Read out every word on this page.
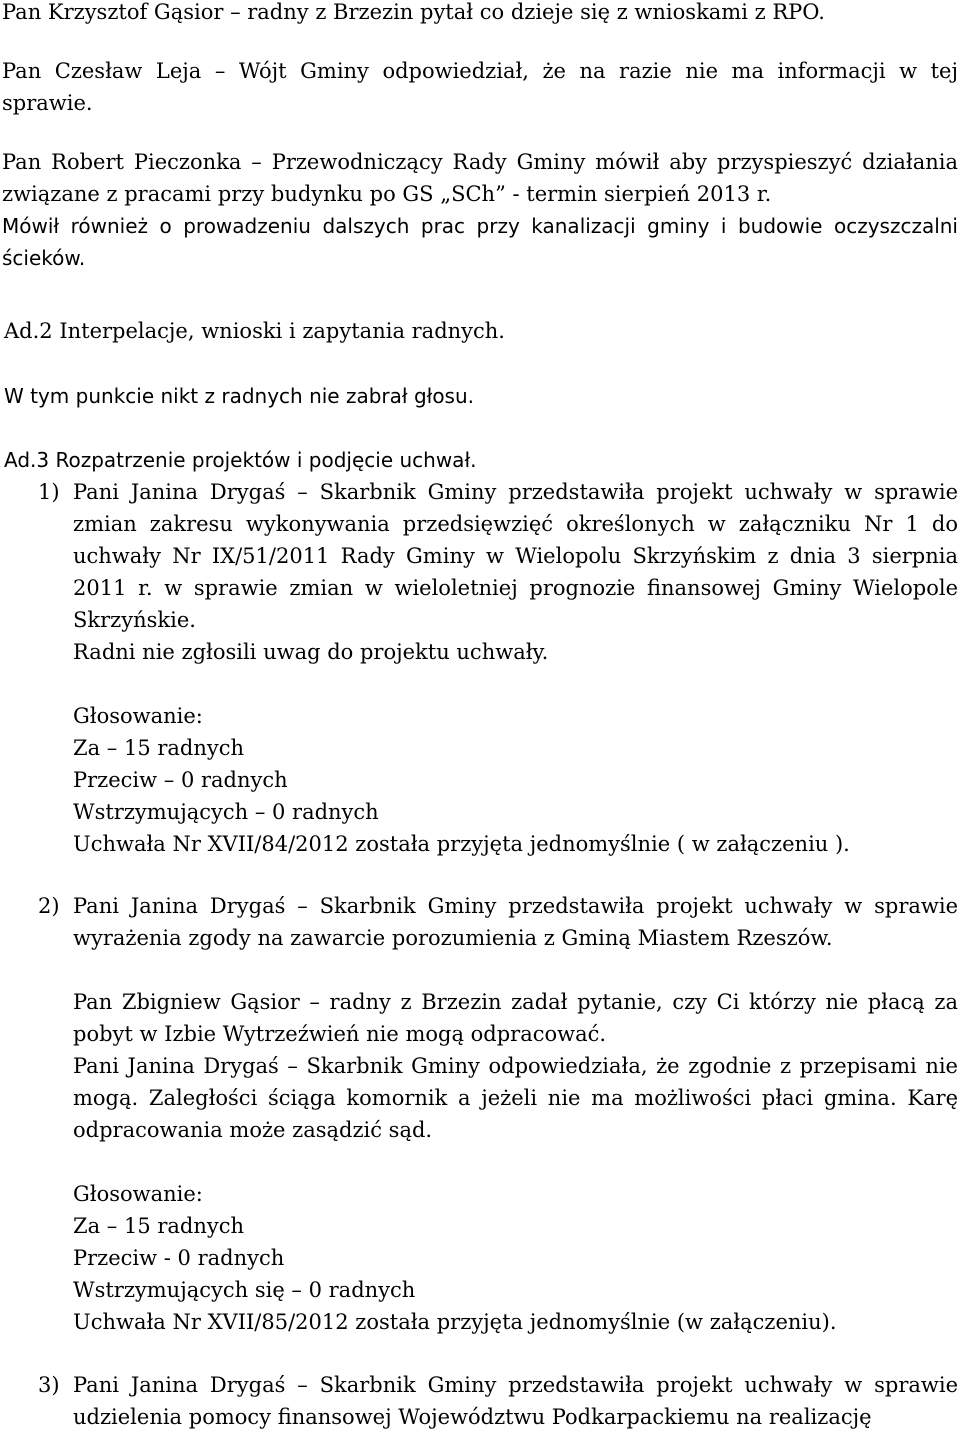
Pan Krzysztof Gąsior – radny z Brzezin pytał co dzieje się z wnioskami z RPO.

Pan Czesław Leja – Wójt Gminy odpowiedział, że na razie nie ma informacji w tej sprawie.

Pan Robert Pieczonka – Przewodniczący Rady Gminy mówił aby przyspieszyć działania związane z pracami przy budynku po GS „SCh” - termin sierpień 2013 r.

Mówił również o prowadzeniu dalszych prac przy kanalizacji gminy i budowie oczyszczalni ścieków.

Ad.2 Interpelacje, wnioski i zapytania radnych.

W tym punkcie nikt z radnych nie zabrał głosu.

Ad.3 Rozpatrzenie projektów i podjęcie uchwał.

1) Pani Janina Drygaś – Skarbnik Gminy przedstawiła projekt uchwały w sprawie zmian zakresu wykonywania przedsięwzięć określonych w załączniku Nr 1 do uchwały Nr IX/51/2011 Rady Gminy w Wielopolu Skrzyńskim z dnia 3 sierpnia 2011 r. w sprawie zmian w wieloletniej prognozie finansowej Gminy Wielopole Skrzyńskie.

Radni nie zgłosili uwag do projektu uchwały.

Głosowanie:

Za – 15 radnych

Przeciw – 0 radnych

Wstrzymujących – 0 radnych

Uchwała Nr XVII/84/2012 została przyjęta jednomyślnie ( w załączeniu ).

2) Pani Janina Drygaś – Skarbnik Gminy przedstawiła projekt uchwały w sprawie wyrażenia zgody na zawarcie porozumienia z Gminą Miastem Rzeszów.

Pan Zbigniew Gąsior – radny z Brzezin zadał pytanie, czy Ci którzy nie płacą za pobyt w Izbie Wytrzeźwień nie mogą odpracować.

Pani Janina Drygaś – Skarbnik Gminy odpowiedziała, że zgodnie z przepisami nie mogą. Zaległości ściąga komornik a jeżeli nie ma możliwości płaci gmina. Karę odpracowania może zasądzić sąd.

Głosowanie:

Za – 15 radnych

Przeciw - 0 radnych

Wstrzymujących się – 0 radnych

Uchwała Nr XVII/85/2012 została przyjęta jednomyślnie (w załączeniu).

3) Pani Janina Drygaś – Skarbnik Gminy przedstawiła projekt uchwały w sprawie udzielenia pomocy finansowej Województwu Podkarpackiemu na realizację
